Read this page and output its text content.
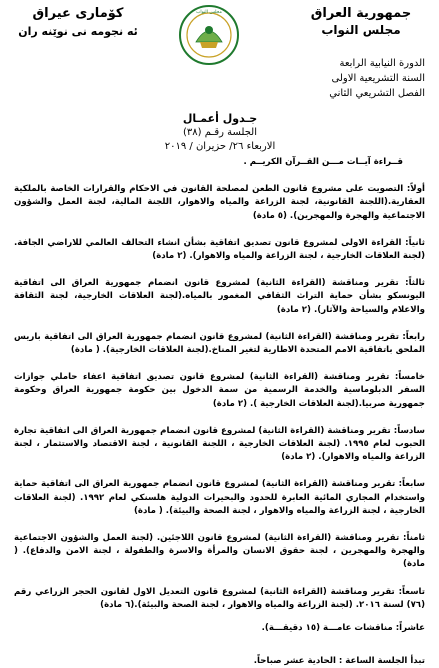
جمهورية العراق
مجلس النواب
كۆماری عیراق
ئه نجومه نی نوێنه ران
مجلس النواب
الدورة النيابية الرابعة
السنة التشريعية الاولى
الفصل التشريعي الثاني
جـدول أعمـال
الجلسة رقـم (٣٨)
الاربعاء ٢٦/ حزيران / ٢٠١٩
قــراءة آيــات مـــن القــرآن الكريــم .
أولاً: التصويت على مشروع قانون الطعن لمصلحة القانون في الاحكام والقرارات الخاصة بالملكية العقارية.(اللجنة القانونية، لجنة الزراعة والمياه والاهوار، اللجنة المالية، لجنة العمل والشؤون الاجتماعية والهجرة والمهجرين). (٥ مادة)
ثانياً: القراءة الاولى لمشروع قانون تصديق اتفاقية بشأن انشاء التحالف العالمي للاراضي الجافة.(لجنة العلاقات الخارجية ، لجنة الزراعة والمياه والاهوار). (٢ مادة)
ثالثاً: تقرير ومناقشة (القراءة الثانية) لمشروع قانون انضمام جمهورية العراق الى اتفاقية اليونسكو بشأن حماية التراث الثقافي المغمور بالمياه.(لجنة العلاقات الخارجية، لجنة الثقافة والاعلام والسياحة والآثار). (٢ مادة)
رابعاً: تقرير ومناقشة (القراءة الثانية) لمشروع قانون انضمام جمهورية العراق الى اتفاقية باريس الملحق باتفاقية الامم المتحدة الاطارية لتغير المناخ.(لجنة العلاقات الخارجية). ( مادة)
خامساً: تقرير ومناقشة (القراءة الثانية) لمشروع قانون تصديق اتفاقية اعفاء حاملي جوازات السفر الدبلوماسية والخدمة الرسمية من سمة الدخول بين حكومة جمهورية العراق وحكومة جمهورية صربيا.(لجنة العلاقات الخارجية ). (٢ مادة)
سادساً: تقرير ومناقشة (القراءة الثانية) لمشروع قانون انضمام جمهورية العراق الى اتفاقية تجارة الحبوب لعام ١٩٩٥. (لجنة العلاقات الخارجية ، اللجنة القانونية ، لجنة الاقتصاد والاستثمار ، لجنة الزراعة والمياه والاهوار). (٢ مادة)
سابعاً: تقرير ومناقشة (القراءة الثانية) لمشروع قانون انضمام جمهورية العراق الى اتفاقية حماية واستخدام المجاري المائية العابرة للحدود والبحيرات الدولية هلسنكي لعام ١٩٩٢. (لجنة العلاقات الخارجية ، لجنة الزراعة والمياه والاهوار ، لجنة الصحة والبيئة). ( مادة)
ثامناً: تقرير ومناقشة (القراءة الثانية) لمشروع قانون اللاجئين. (لجنة العمل والشؤون الاجتماعية والهجرة والمهجرين ، لجنة حقوق الانسان والمرأة والاسرة والطفولة ، لجنة الامن والدفاع). ( مادة)
تاسعاً: تقرير ومناقشة (القراءة الثانية) لمشروع قانون التعديل الاول لقانون الحجر الزراعي رقم (٧٦) لسنة ٢٠١٦. (لجنة الزراعة والمياه والاهوار ، لجنة الصحة والبيئة).(٦ مادة)
عاشراً: مناقشات عامـــة (١٥ دقيقـــة).
تبدأ الجلسة الساعة : الحادية عشر صباحاً.
